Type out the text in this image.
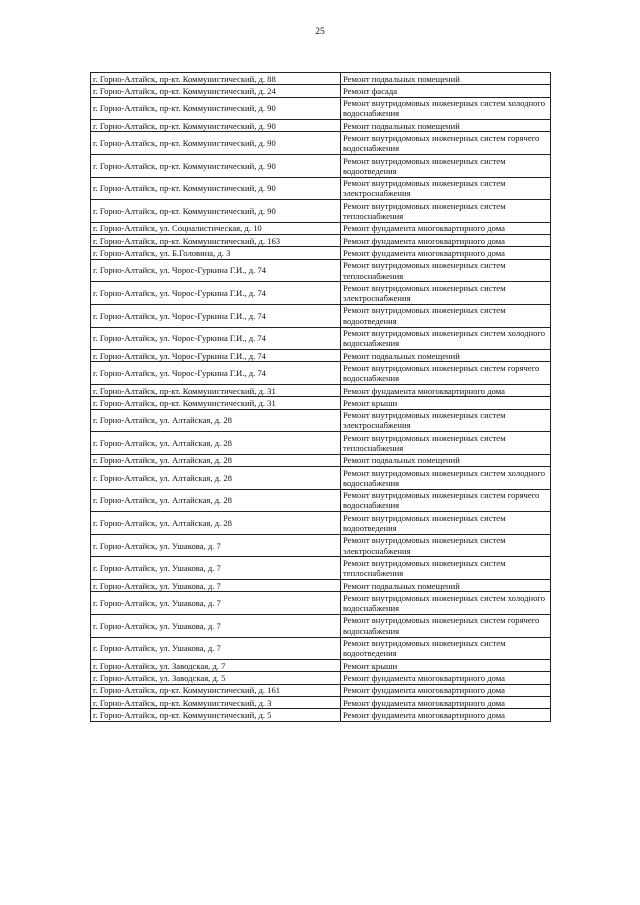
25
г. Горно-Алтайск, пр-кт. Коммунистический, д. 88	Ремонт подвальных помещений
г. Горно-Алтайск, пр-кт. Коммунистический, д. 24	Ремонт фасада
г. Горно-Алтайск, пр-кт. Коммунистический, д. 90	Ремонт внутридомовых инженерных систем холодного водоснабжения
г. Горно-Алтайск, пр-кт. Коммунистический, д. 90	Ремонт подвальных помещений
г. Горно-Алтайск, пр-кт. Коммунистический, д. 90	Ремонт внутридомовых инженерных систем горячего водоснабжения
г. Горно-Алтайск, пр-кт. Коммунистический, д. 90	Ремонт внутридомовых инженерных систем водоотведения
г. Горно-Алтайск, пр-кт. Коммунистический, д. 90	Ремонт внутридомовых инженерных систем электроснабжения
г. Горно-Алтайск, пр-кт. Коммунистический, д. 90	Ремонт внутридомовых инженерных систем теплоснабжения
г. Горно-Алтайск, ул. Социалистическая, д. 10	Ремонт фундамента многоквартирного дома
г. Горно-Алтайск, пр-кт. Коммунистический, д. 163	Ремонт фундамента многоквартирного дома
г. Горно-Алтайск, ул. Б.Головина, д. 3	Ремонт фундамента многоквартирного дома
г. Горно-Алтайск, ул. Чорос-Гуркина Г.И., д. 74	Ремонт внутридомовых инженерных систем теплоснабжения
г. Горно-Алтайск, ул. Чорос-Гуркина Г.И., д. 74	Ремонт внутридомовых инженерных систем электроснабжения
г. Горно-Алтайск, ул. Чорос-Гуркина Г.И., д. 74	Ремонт внутридомовых инженерных систем водоотведения
г. Горно-Алтайск, ул. Чорос-Гуркина Г.И., д. 74	Ремонт внутридомовых инженерных систем холодного водоснабжения
г. Горно-Алтайск, ул. Чорос-Гуркина Г.И., д. 74	Ремонт подвальных помещений
г. Горно-Алтайск, ул. Чорос-Гуркина Г.И., д. 74	Ремонт внутридомовых инженерных систем горячего водоснабжения
г. Горно-Алтайск, пр-кт. Коммунистический, д. 31	Ремонт фундамента многоквартирного дома
г. Горно-Алтайск, пр-кт. Коммунистический, д. 31	Ремонт крыши
г. Горно-Алтайск, ул. Алтайская, д. 28	Ремонт внутридомовых инженерных систем электроснабжения
г. Горно-Алтайск, ул. Алтайская, д. 28	Ремонт внутридомовых инженерных систем теплоснабжения
г. Горно-Алтайск, ул. Алтайская, д. 28	Ремонт подвальных помещений
г. Горно-Алтайск, ул. Алтайская, д. 28	Ремонт внутридомовых инженерных систем холодного водоснабжения
г. Горно-Алтайск, ул. Алтайская, д. 28	Ремонт внутридомовых инженерных систем горячего водоснабжения
г. Горно-Алтайск, ул. Алтайская, д. 28	Ремонт внутридомовых инженерных систем водоотведения
г. Горно-Алтайск, ул. Ушакова, д. 7	Ремонт внутридомовых инженерных систем электроснабжения
г. Горно-Алтайск, ул. Ушакова, д. 7	Ремонт внутридомовых инженерных систем теплоснабжения
г. Горно-Алтайск, ул. Ушакова, д. 7	Ремонт подвальных помещений
г. Горно-Алтайск, ул. Ушакова, д. 7	Ремонт внутридомовых инженерных систем холодного водоснабжения
г. Горно-Алтайск, ул. Ушакова, д. 7	Ремонт внутридомовых инженерных систем горячего водоснабжения
г. Горно-Алтайск, ул. Ушакова, д. 7	Ремонт внутридомовых инженерных систем водоотведения
г. Горно-Алтайск, ул. Заводская, д. 7	Ремонт крыши
г. Горно-Алтайск, ул. Заводская, д. 5	Ремонт фундамента многоквартирного дома
г. Горно-Алтайск, пр-кт. Коммунистический, д. 161	Ремонт фундамента многоквартирного дома
г. Горно-Алтайск, пр-кт. Коммунистический, д. 3	Ремонт фундамента многоквартирного дома
г. Горно-Алтайск, пр-кт. Коммунистический, д. 5	Ремонт фундамента многоквартирного дома
